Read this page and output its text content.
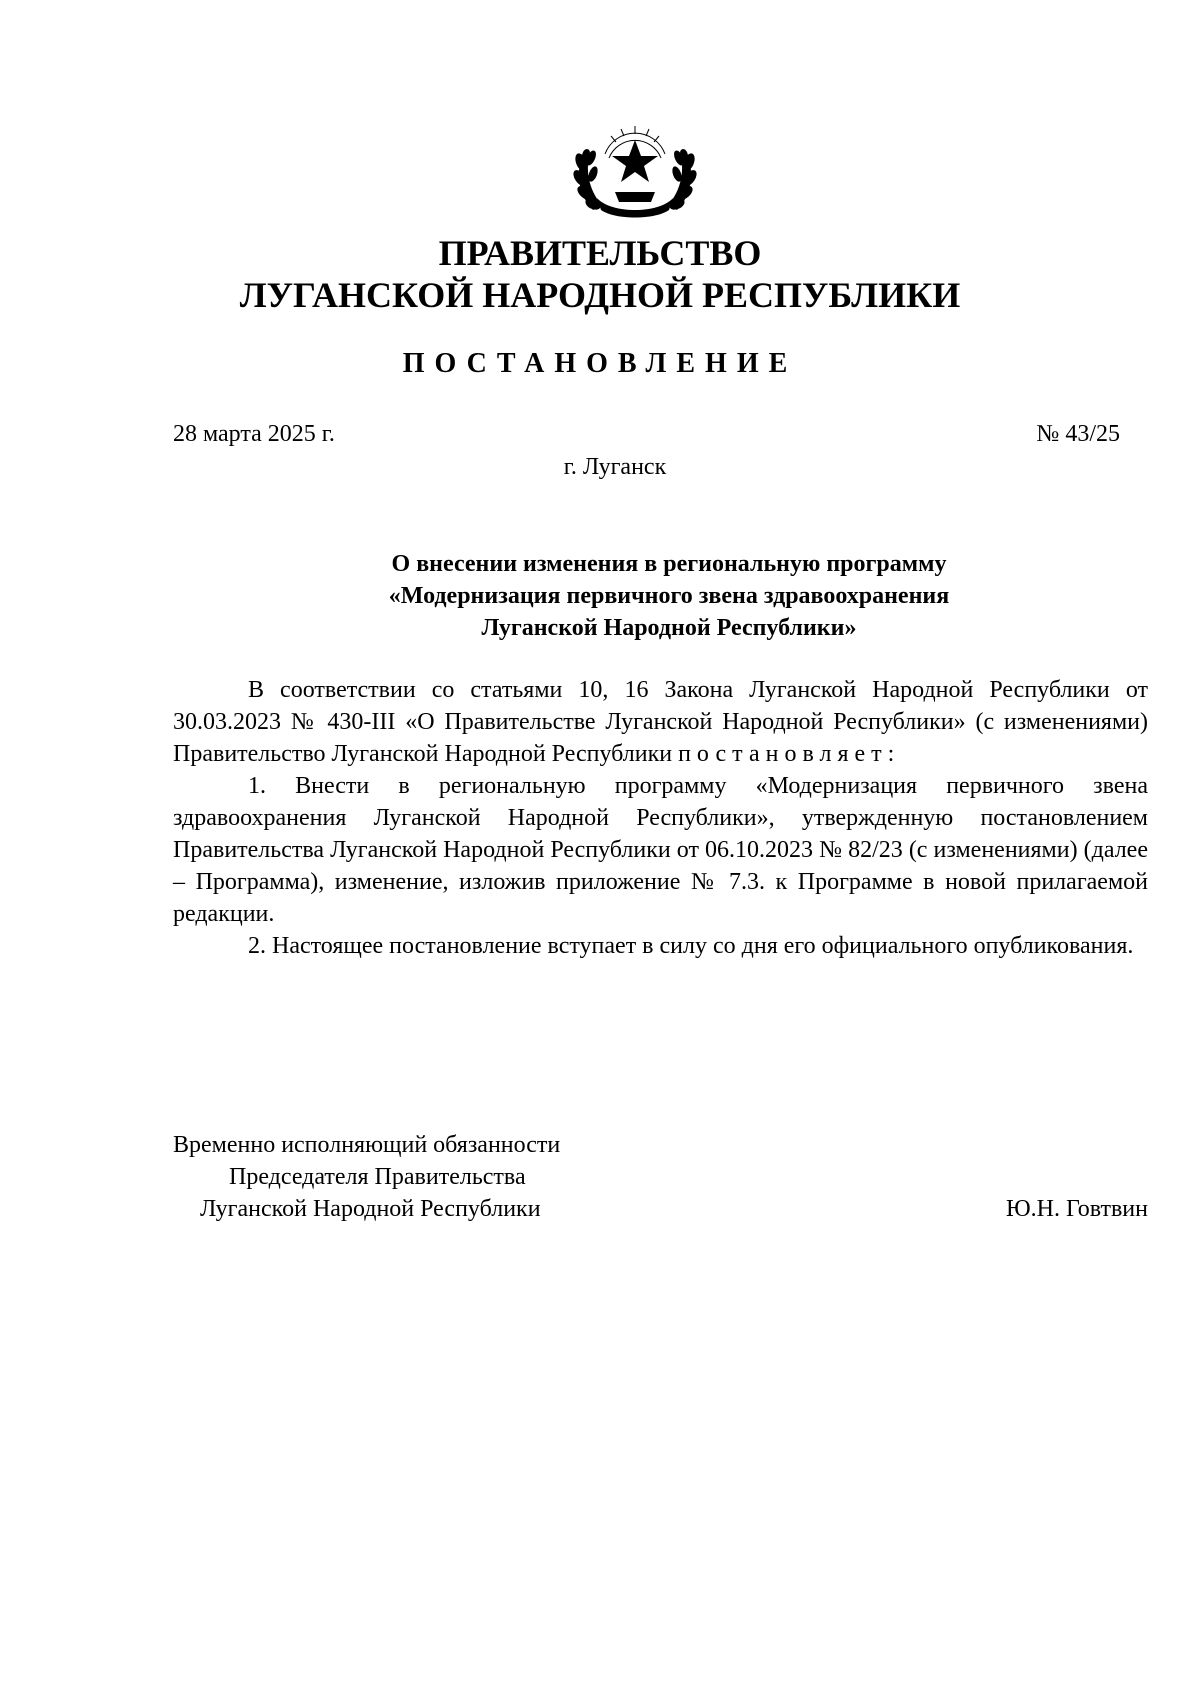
ПРАВИТЕЛЬСТВО
ЛУГАНСКОЙ НАРОДНОЙ РЕСПУБЛИКИ
ПОСТАНОВЛЕНИЕ
28 марта 2025 г.	№ 43/25
г. Луганск
О внесении изменения в региональную программу
«Модернизация первичного звена здравоохранения
Луганской Народной Республики»

В соответствии со статьями 10, 16 Закона Луганской Народной Республики от 30.03.2023 № 430-III «О Правительстве Луганской Народной Республики» (с изменениями) Правительство Луганской Народной Республики постановляет:

1. Внести в региональную программу «Модернизация первичного звена здравоохранения Луганской Народной Республики», утвержденную постановлением Правительства Луганской Народной Республики от 06.10.2023 № 82/23 (с изменениями) (далее – Программа), изменение, изложив приложение № 7.3. к Программе в новой прилагаемой редакции.

2. Настоящее постановление вступает в силу со дня его официального опубликования.

Временно исполняющий обязанности
Председателя Правительства
Луганской Народной Республики	Ю.Н. Говтвин
